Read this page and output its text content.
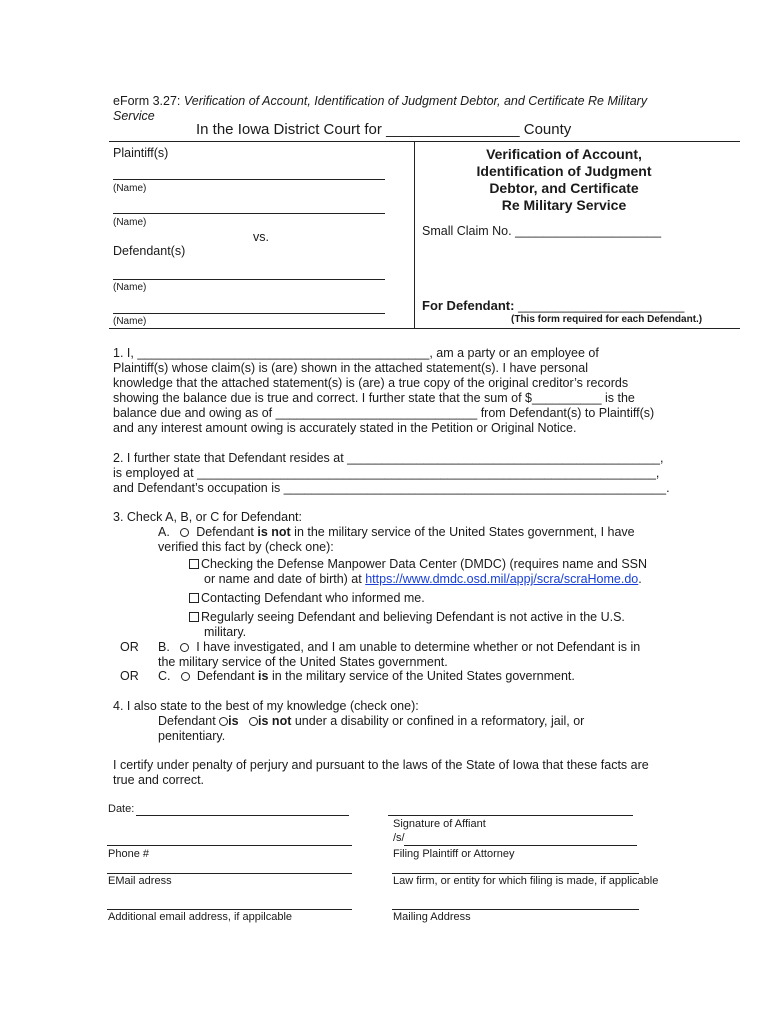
eForm 3.27: Verification of Account, Identification of Judgment Debtor, and Certificate Re Military
Service
In the Iowa District Court for ________________ County
Plaintiff(s)
(Name)
(Name)
vs.
Defendant(s)
(Name)
(Name)
Verification of Account,
Identification of Judgment
Debtor, and Certificate
Re Military Service
Small Claim No. _____________________
For Defendant: _______________________
(This form required for each Defendant.)
1. I, __________________________________________, am a party or an employee of
Plaintiff(s) whose claim(s) is (are) shown in the attached statement(s). I have personal
knowledge that the attached statement(s) is (are) a true copy of the original creditor’s records
showing the balance due is true and correct. I further state that the sum of $__________ is the
balance due and owing as of _____________________________ from Defendant(s) to Plaintiff(s)
and any interest amount owing is accurately stated in the Petition or Original Notice.
2. I further state that Defendant resides at _____________________________________________,
is employed at __________________________________________________________________,
and Defendant’s occupation is _______________________________________________________.
3. Check A, B, or C for Defendant:
A. Defendant is not in the military service of the United States government, I have
verified this fact by (check one):
Checking the Defense Manpower Data Center (DMDC) (requires name and SSN
or name and date of birth) at https://www.dmdc.osd.mil/appj/scra/scraHome.do.
Contacting Defendant who informed me.
Regularly seeing Defendant and believing Defendant is not active in the U.S.
military.
OR B. I have investigated, and I am unable to determine whether or not Defendant is in
the military service of the United States government.
OR C. Defendant is in the military service of the United States government.
4. I also state to the best of my knowledge (check one):
Defendant is is not under a disability or confined in a reformatory, jail, or
penitentiary.
I certify under penalty of perjury and pursuant to the laws of the State of Iowa that these facts are
true and correct.
Date:
Signature of Affiant
/s/
Phone #	Filing Plaintiff or Attorney
EMail adress	Law firm, or entity for which filing is made, if applicable
Additional email address, if appilcable	Mailing Address
